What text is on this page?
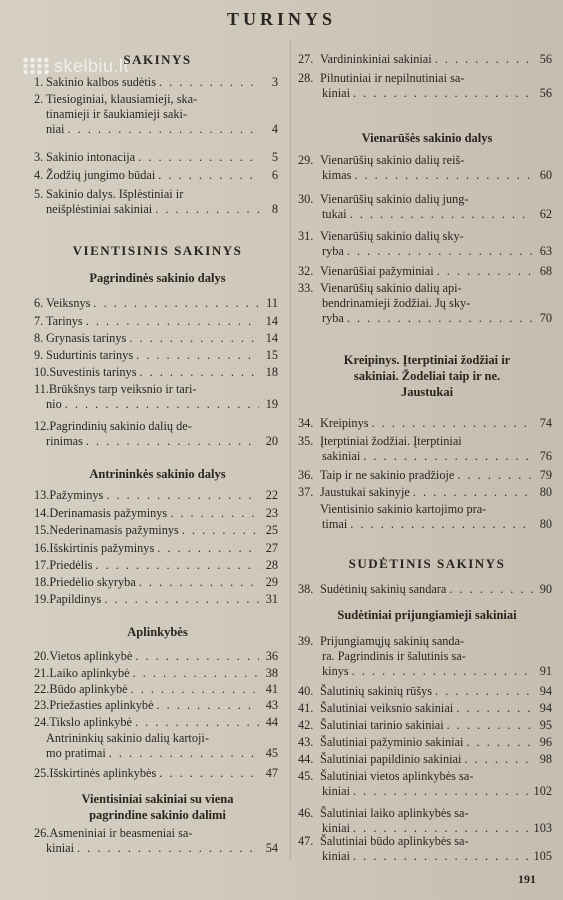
TURINYS
skelbiu.lt
SAKINYS
1. Sakinio kalbos sudėtis . . .	3
2. Tiesioginiai, klausiamieji, ska-
tinamieji ir šaukiamieji saki-
niai . . .	4
3. Sakinio intonacija . . .	5
4. Žodžių jungimo būdai . . .	6
5. Sakinio dalys. Išplėstiniai ir
neišplėstiniai sakiniai . . .	8
VIENTISINIS SAKINYS
Pagrindinės sakinio dalys
6. Veiksnys . . .	11
7. Tarinys . . .	14
8. Grynasis tarinys . . .	14
9. Sudurtinis tarinys . . .	15
10. Suvestinis tarinys . . .	18
11. Brūkšnys tarp veiksnio ir tari-
nio . . .	19
12. Pagrindinių sakinio dalių de-
rinimas . . .	20
Antrininkės sakinio dalys
13. Pažyminys . . .	22
14. Derinamasis pažyminys . . .	23
15. Nederinamasis pažyminys . . .	25
16. Išskirtinis pažyminys . . .	27
17. Priedėlis . . .	28
18. Priedėlio skyryba . . .	29
19. Papildinys . . .	31
Aplinkybės
20. Vietos aplinkybė . . .	36
21. Laiko aplinkybė . . .	38
22. Būdo aplinkybė . . .	41
23. Priežasties aplinkybė . . .	43
24. Tikslo aplinkybė . . .	44
Antrininkių sakinio dalių kartoji-
mo pratimai . . .	45
25. Išskirtinės aplinkybės . . .	47
Vientisiniai sakiniai su viena
pagrindine sakinio dalimi
26. Asmeniniai ir beasmeniai sa-
kiniai . . .	54
27. Vardininkiniai sakiniai . . .	56
28. Pilnutiniai ir nepilnutiniai sa-
kiniai . . .	56
Vienarūšės sakinio dalys
29. Vienarūšių sakinio dalių reiš-
kimas . . .	60
30. Vienarūšių sakinio dalių jung-
tukai . . .	62
31. Vienarūšių sakinio dalių sky-
ryba . . .	63
32. Vienarūšiai pažyminiai . . .	68
33. Vienarūšių sakinio dalių api-
bendrinamieji žodžiai. Jų sky-
ryba . . .	70
Kreipinys. Įterptiniai žodžiai ir
sakiniai. Žodeliai taip ir ne.
Jaustukai
34. Kreipinys . . .	74
35. Įterptiniai žodžiai. Įterptiniai
sakiniai . . .	76
36. Taip ir ne sakinio pradžioje . . .	79
37. Jaustukai sakinyje . . .	80
Vientisinio sakinio kartojimo pra-
timai . . .	80
SUDĖTINIS SAKINYS
38. Sudėtinių sakinių sandara . . .	90
Sudėtiniai prijungiamieji sakiniai
39. Prijungiamųjų sakinių sanda-
ra. Pagrindinis ir šalutinis sa-
kinys . . .	91
40. Šalutinių sakinių rūšys . . .	94
41. Šalutiniai veiksnio sakiniai . . .	94
42. Šalutiniai tarinio sakiniai . . .	95
43. Šalutiniai pažyminio sakiniai . . .	96
44. Šalutiniai papildinio sakiniai . . .	98
45. Šalutiniai vietos aplinkybės sa-
kiniai . . .	102
46. Šalutiniai laiko aplinkybės sa-
kiniai . . .	103
47. Šalutiniai būdo aplinkybės sa-
kiniai . . .	105
191
